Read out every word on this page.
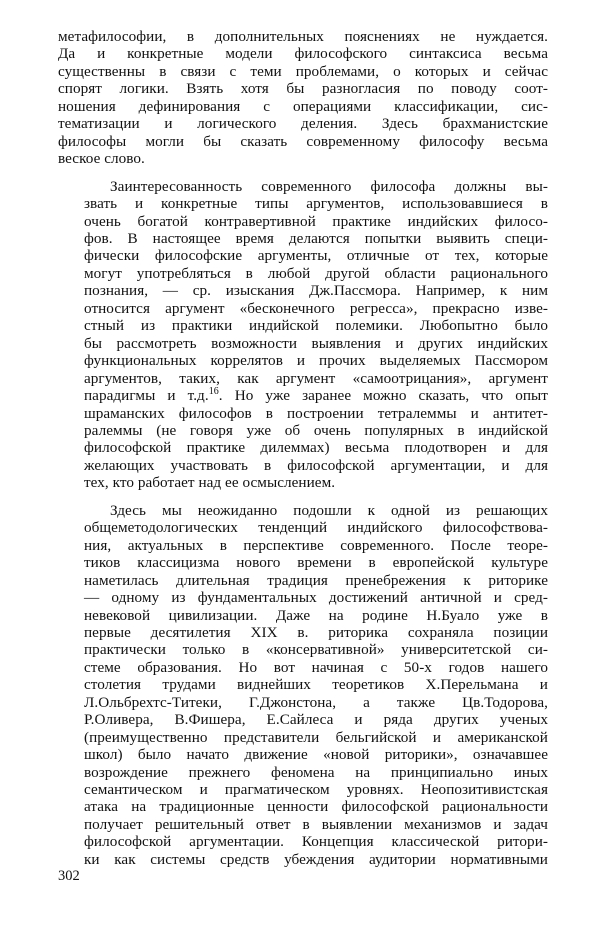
метафилософии, в дополнительных пояснениях не нуждается.
Да и конкретные модели философского синтаксиса весьма
существенны в связи с теми проблемами, о которых и сейчас
спорят логики. Взять хотя бы разногласия по поводу соот-
ношения дефинирования с операциями классификации, сис-
тематизации и логического деления. Здесь брахманистские
философы могли бы сказать современному философу весьма
веское слово.
Заинтересованность современного философа должны вы-
звать и конкретные типы аргументов, использовавшиеся в
очень богатой контравертивной практике индийских филосо-
фов. В настоящее время делаются попытки выявить специ-
фически философские аргументы, отличные от тех, которые
могут употребляться в любой другой области рационального
познания, — ср. изыскания Дж.Пассмора. Например, к ним
относится аргумент «бесконечного регресса», прекрасно изве-
стный из практики индийской полемики. Любопытно было
бы рассмотреть возможности выявления и других индийских
функциональных коррелятов и прочих выделяемых Пассмором
аргументов, таких, как аргумент «самоотрицания», аргумент
парадигмы и т.д.$^{16}$. Но уже заранее можно сказать, что опыт
шраманских философов в построении тетралеммы и антитет-
ралеммы (не говоря уже об очень популярных в индийской
философской практике дилеммах) весьма плодотворен и для
желающих участвовать в философской аргументации, и для
тех, кто работает над ее осмыслением.
Здесь мы неожиданно подошли к одной из решающих
общеметодологических тенденций индийского философствова-
ния, актуальных в перспективе современного. После теоре-
тиков классицизма нового времени в европейской культуре
наметилась длительная традиция пренебрежения к риторике
— одному из фундаментальных достижений античной и сред-
невековой цивилизации. Даже на родине Н.Буало уже в
первые десятилетия XIX в. риторика сохраняла позиции
практически только в «консервативной» университетской си-
стеме образования. Но вот начиная с 50-х годов нашего
столетия трудами виднейших теоретиков Х.Перельмана и
Л.Ольбрехтс-Титеки, Г.Джонстона, а также Цв.Тодорова,
Р.Оливера, В.Фишера, Е.Сайлеса и ряда других ученых
(преимущественно представители бельгийской и американской
школ) было начато движение «новой риторики», означавшее
возрождение прежнего феномена на принципиально иных
семантическом и прагматическом уровнях. Неопозитивистская
атака на традиционные ценности философской рациональности
получает решительный ответ в выявлении механизмов и задач
философской аргументации. Концепция классической ритори-
ки как системы средств убеждения аудитории нормативными
302
